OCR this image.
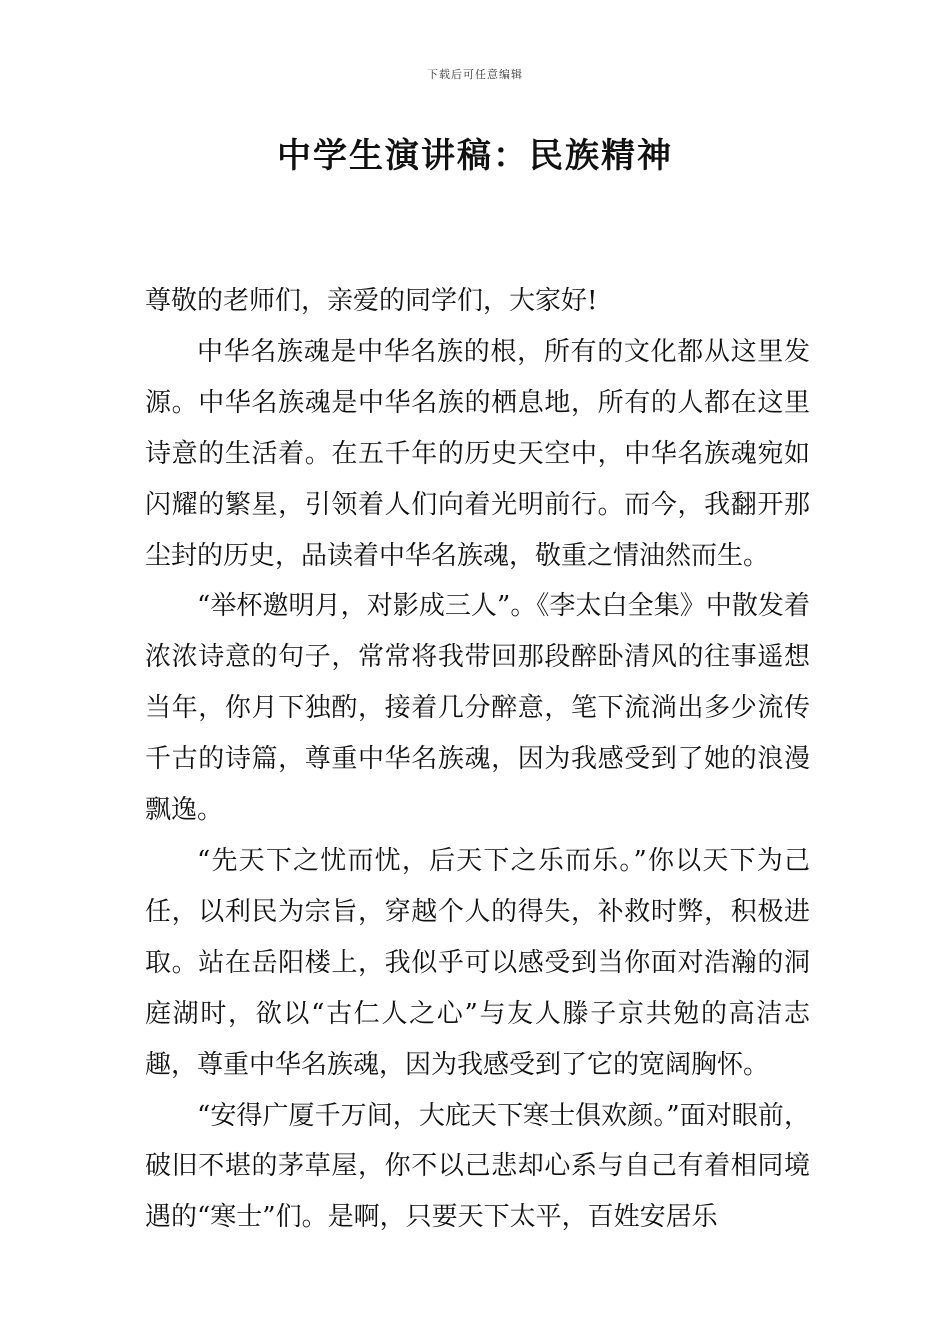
下载后可任意编辑
中学生演讲稿：民族精神

尊敬的老师们，亲爱的同学们，大家好!

中华名族魂是中华名族的根，所有的文化都从这里发源。中华名族魂是中华名族的栖息地，所有的人都在这里诗意的生活着。在五千年的历史天空中，中华名族魂宛如闪耀的繁星，引领着人们向着光明前行。而今，我翻开那尘封的历史，品读着中华名族魂，敬重之情油然而生。

“举杯邀明月，对影成三人”。《李太白全集》中散发着浓浓诗意的句子，常常将我带回那段醉卧清风的往事遥想当年，你月下独酌，接着几分醉意，笔下流淌出多少流传千古的诗篇，尊重中华名族魂，因为我感受到了她的浪漫飘逸。

“先天下之忧而忧，后天下之乐而乐。”你以天下为己任，以利民为宗旨，穿越个人的得失，补救时弊，积极进取。站在岳阳楼上，我似乎可以感受到当你面对浩瀚的洞庭湖时，欲以“古仁人之心”与友人滕子京共勉的高洁志趣，尊重中华名族魂，因为我感受到了它的宽阔胸怀。

“安得广厦千万间，大庇天下寒士俱欢颜。”面对眼前，破旧不堪的茅草屋，你不以己悲却心系与自己有着相同境遇的“寒士”们。是啊，只要天下太平，百姓安居乐
